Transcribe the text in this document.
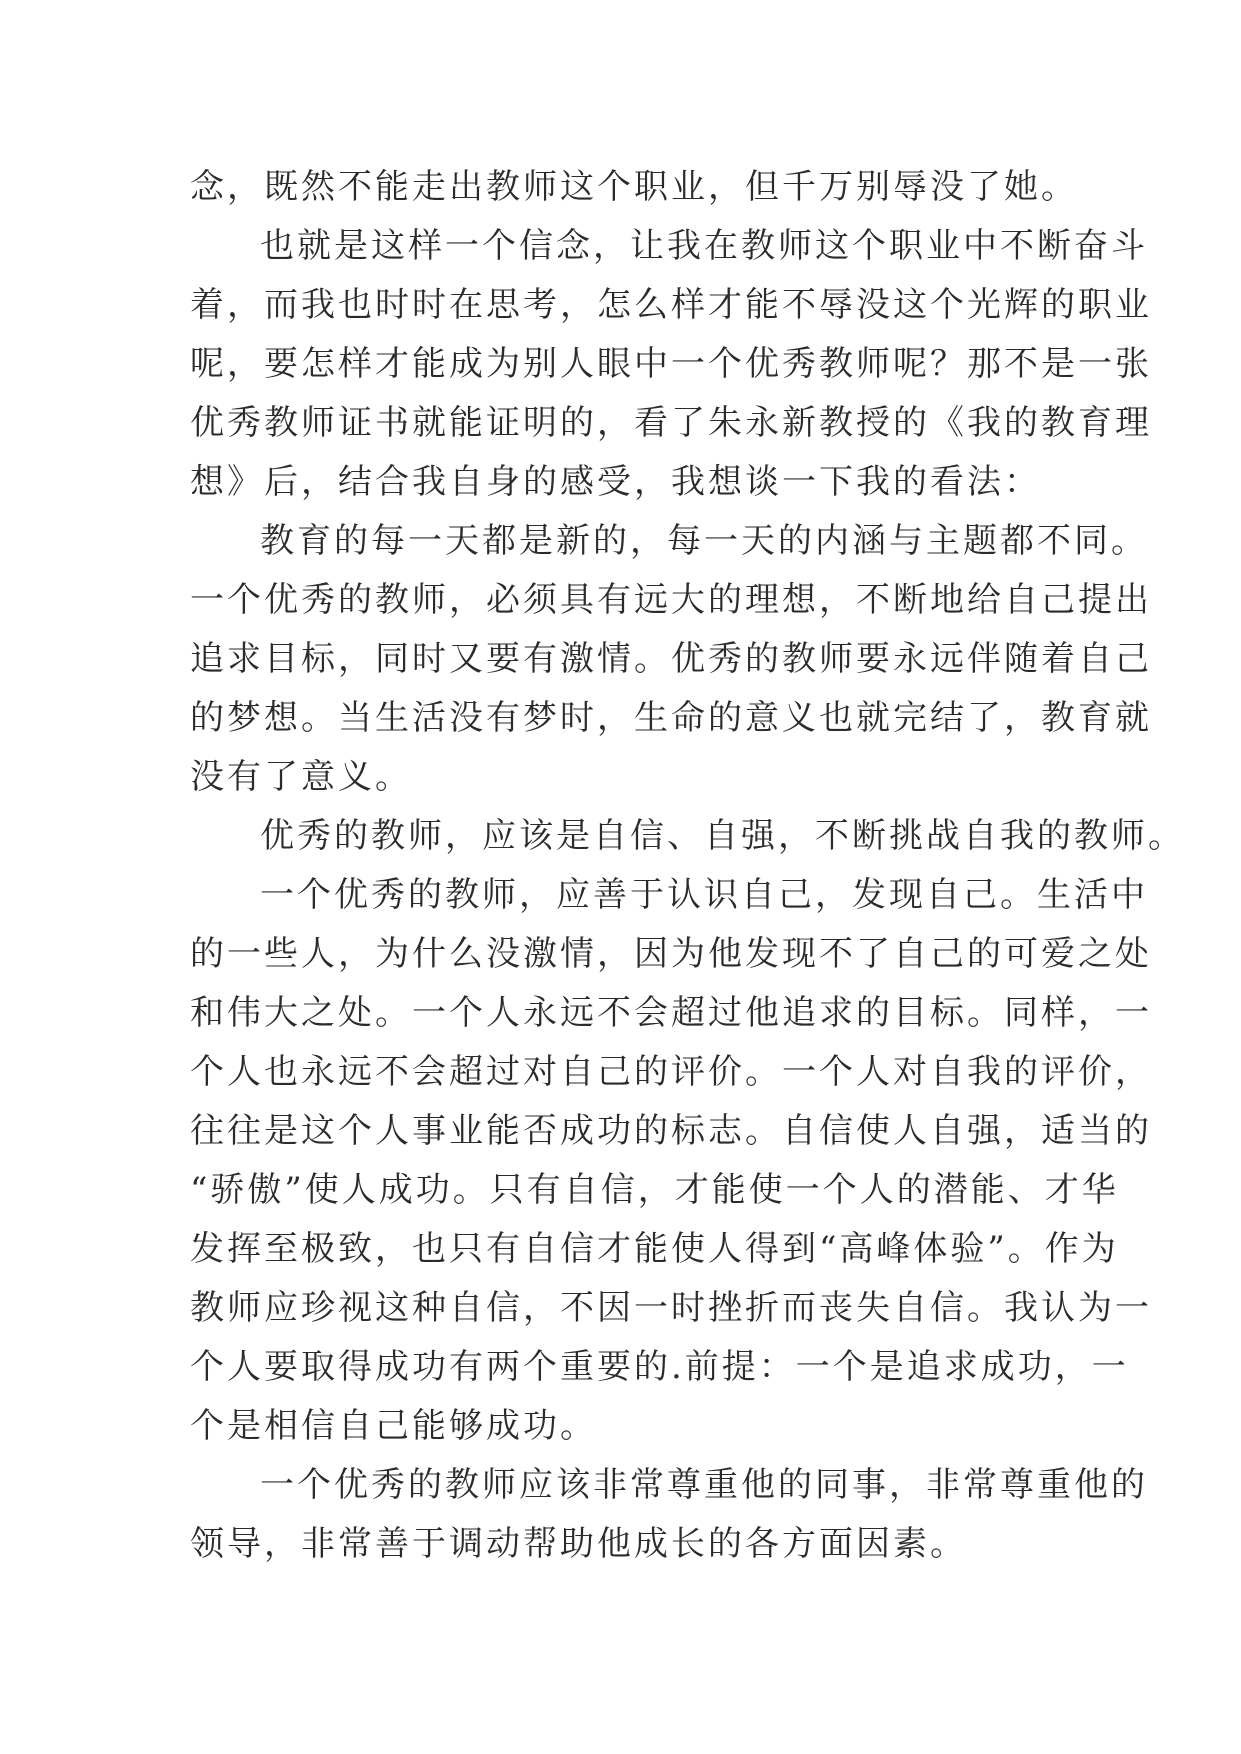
念，既然不能走出教师这个职业，但千万别辱没了她。
也就是这样一个信念，让我在教师这个职业中不断奋斗
着，而我也时时在思考，怎么样才能不辱没这个光辉的职业
呢，要怎样才能成为别人眼中一个优秀教师呢？那不是一张
优秀教师证书就能证明的，看了朱永新教授的《我的教育理
想》后，结合我自身的感受，我想谈一下我的看法：
教育的每一天都是新的，每一天的内涵与主题都不同。
一个优秀的教师，必须具有远大的理想，不断地给自己提出
追求目标，同时又要有激情。优秀的教师要永远伴随着自己
的梦想。当生活没有梦时，生命的意义也就完结了，教育就
没有了意义。
优秀的教师，应该是自信、自强，不断挑战自我的教师。
一个优秀的教师，应善于认识自己，发现自己。生活中
的一些人，为什么没激情，因为他发现不了自己的可爱之处
和伟大之处。一个人永远不会超过他追求的目标。同样，一
个人也永远不会超过对自己的评价。一个人对自我的评价，
往往是这个人事业能否成功的标志。自信使人自强，适当的
“骄傲”使人成功。只有自信，才能使一个人的潜能、才华
发挥至极致，也只有自信才能使人得到“高峰体验”。作为
教师应珍视这种自信，不因一时挫折而丧失自信。我认为一
个人要取得成功有两个重要的.前提：一个是追求成功，一
个是相信自己能够成功。
一个优秀的教师应该非常尊重他的同事，非常尊重他的
领导，非常善于调动帮助他成长的各方面因素。
